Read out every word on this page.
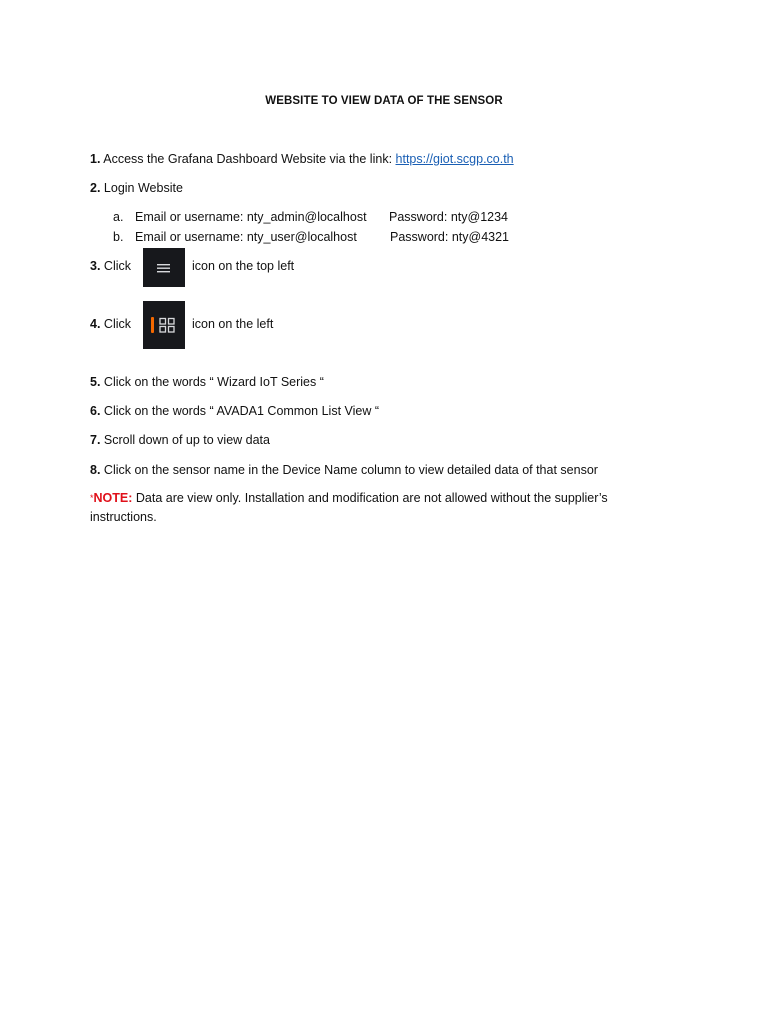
WEBSITE TO VIEW DATA OF THE SENSOR
1. Access the Grafana Dashboard Website via the link: https://giot.scgp.co.th
2. Login Website
a. Email or username: nty_admin@localhost Password: nty@1234
b. Email or username: nty_user@localhost	Password: nty@4321
3. Click	icon on the top left
4. Click	icon on the left
5. Click on the words “ Wizard IoT Series “
6. Click on the words “ AVADA1 Common List View “
7. Scroll down of up to view data
8. Click on the sensor name in the Device Name column to view detailed data of that sensor
*NOTE: Data are view only. Installation and modification are not allowed without the supplier’s instructions.
